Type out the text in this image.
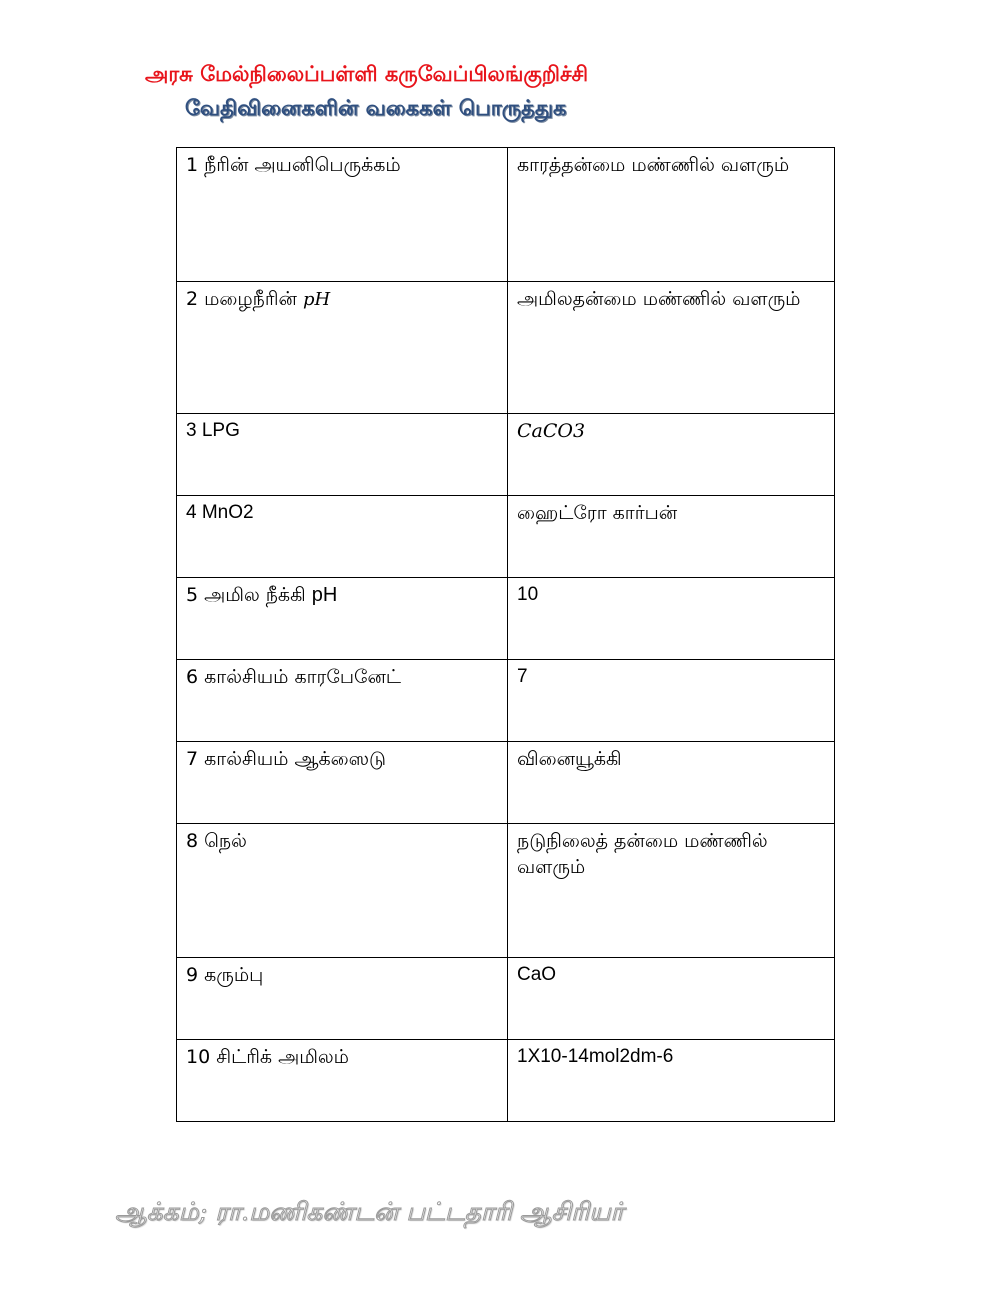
அரசு மேல்நிலைப்பள்ளி கருவேப்பிலங்குறிச்சி
வேதிவினைகளின் வகைகள் பொருத்துக
1 நீரின் அயனிபெருக்கம்	காரத்தன்மை மண்ணில் வளரும்
2 மழைநீரின் pH	அமிலதன்மை மண்ணில் வளரும்
3 LPG	CaCO3
4 MnO2	ஹைட்ரோ கார்பன்
5 அமில நீக்கி pH	10
6 கால்சியம் காரபேனேட்	7
7 கால்சியம் ஆக்ஸைடு	வினையூக்கி
8 நெல்	நடுநிலைத் தன்மை மண்ணில் வளரும்
9 கரும்பு	CaO
10 சிட்ரிக் அமிலம்	1X10-14mol2dm-6
ஆக்கம்; ரா.மணிகண்டன் பட்டதாரி ஆசிரியர்
